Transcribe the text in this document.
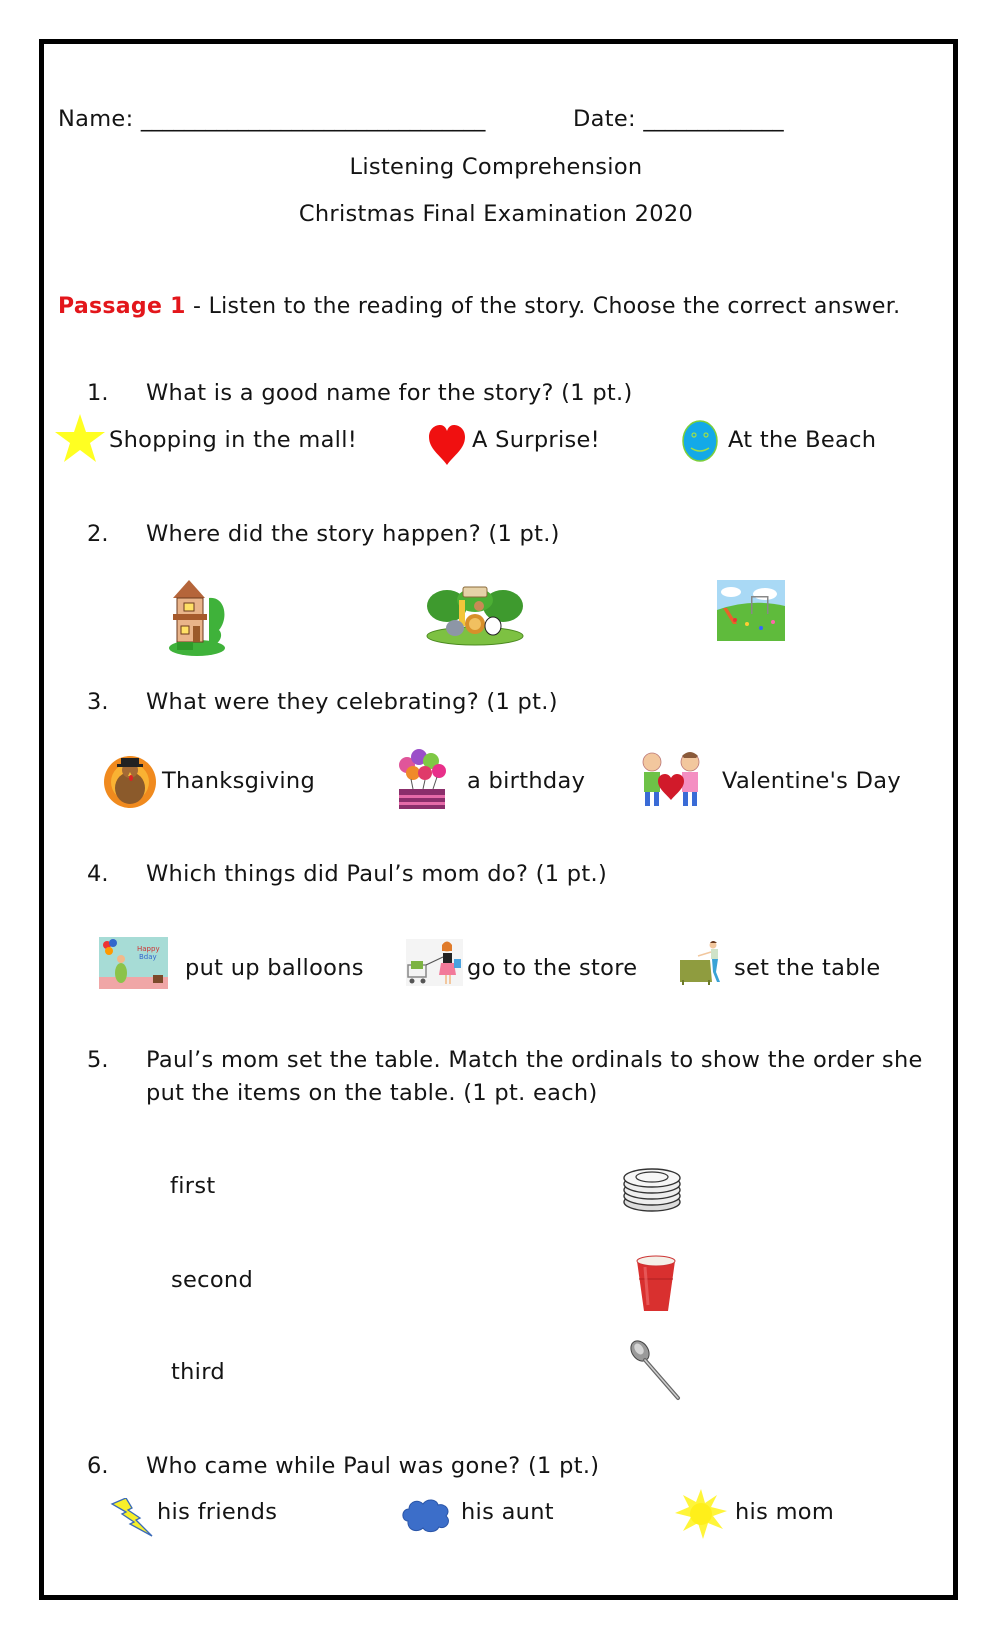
Name: ________________________________	Date: _____________
Listening Comprehension
Christmas Final Examination 2020
Passage 1 - Listen to the reading of the story. Choose the correct answer.
1. What is a good name for the story? (1 pt.)
Shopping in the mall!	A Surprise!	At the Beach
2. Where did the story happen? (1 pt.)
3. What were they celebrating? (1 pt.)
Thanksgiving	a birthday	Valentine's Day
4. Which things did Paul’s mom do? (1 pt.)
Happy
Bday put up balloons	go to the store	set the table
5. Paul’s mom set the table. Match the ordinals to show the order she
put the items on the table. (1 pt. each)
first
second
third
6. Who came while Paul was gone? (1 pt.)
his friends	his aunt	his mom
